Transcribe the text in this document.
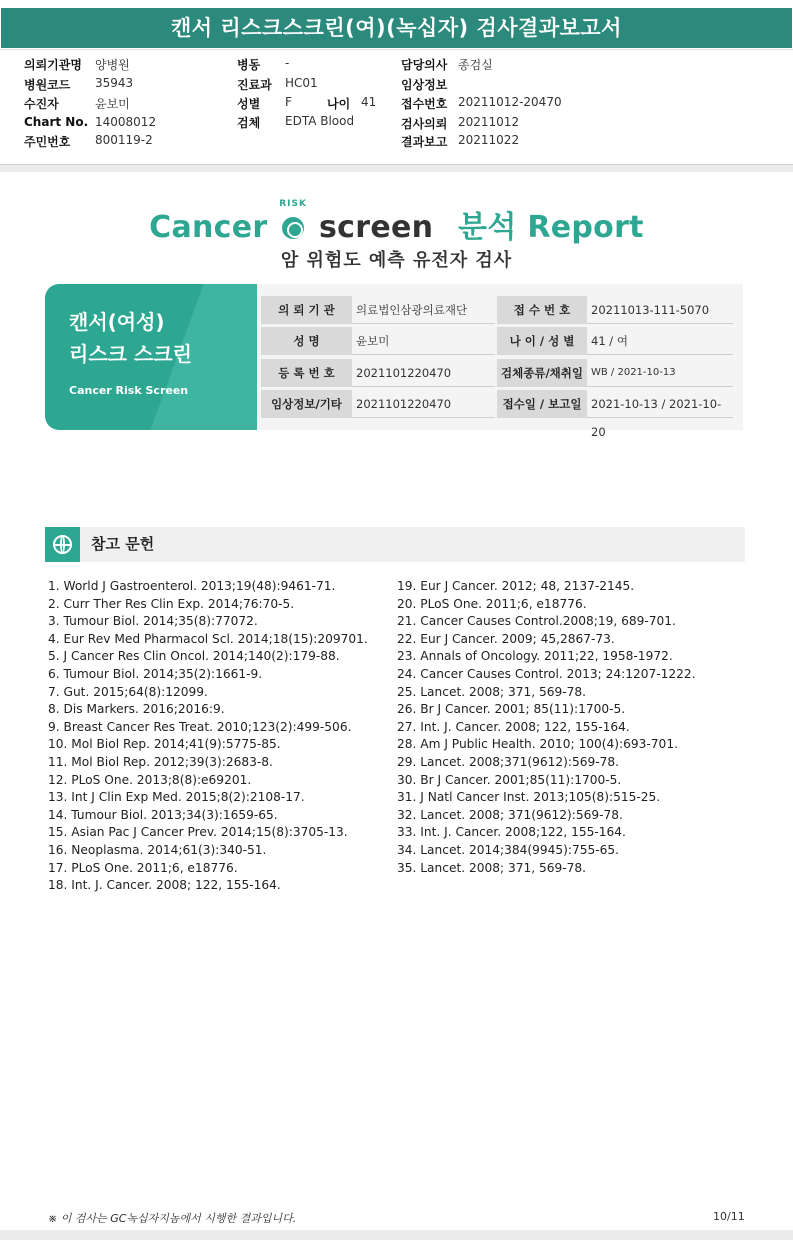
캔서 리스크스크린(여)(녹십자) 검사결과보고서
의뢰기관명 양병원
병원코드 35943
수진자	윤보미
Chart No. 14008012
주민번호 800119-2
병동 -
진료과 HC01
성별 F	나이 41
검체 EDTA Blood
담당의사 종검실
임상정보
접수번호 20211012-20470
검사의뢰 20211012
결과보고 20211022
Cancer
RISK
screen 분석 Report
암 위험도 예측 유전자 검사
캔서(여성)
리스크 스크린
Cancer Risk Screen
의 뢰 기 관	의료법인삼광의료재단	접 수 번 호	20211013-111-5070
성 명	윤보미	나 이 / 성 별	41 / 여
등 록 번 호	2021101220470	검체종류/채취일 WB / 2021-10-13
임상정보/기타	2021101220470	접수일 / 보고일 2021-10-13 / 2021-10-20
참고 문헌
1. World J Gastroenterol. 2013;19(48):9461-71.
2. Curr Ther Res Clin Exp. 2014;76:70-5.
3. Tumour Biol. 2014;35(8):77072.
4. Eur Rev Med Pharmacol Scl. 2014;18(15):209701.
5. J Cancer Res Clin Oncol. 2014;140(2):179-88.
6. Tumour Biol. 2014;35(2):1661-9.
7. Gut. 2015;64(8):12099.
8. Dis Markers. 2016;2016:9.
9. Breast Cancer Res Treat. 2010;123(2):499-506.
10. Mol Biol Rep. 2014;41(9):5775-85.
11. Mol Biol Rep. 2012;39(3):2683-8.
12. PLoS One. 2013;8(8):e69201.
13. Int J Clin Exp Med. 2015;8(2):2108-17.
14. Tumour Biol. 2013;34(3):1659-65.
15. Asian Pac J Cancer Prev. 2014;15(8):3705-13.
16. Neoplasma. 2014;61(3):340-51.
17. PLoS One. 2011;6, e18776.
18. Int. J. Cancer. 2008; 122, 155-164.
19. Eur J Cancer. 2012; 48, 2137-2145.
20. PLoS One. 2011;6, e18776.
21. Cancer Causes Control.2008;19, 689-701.
22. Eur J Cancer. 2009; 45,2867-73.
23. Annals of Oncology. 2011;22, 1958-1972.
24. Cancer Causes Control. 2013; 24:1207-1222.
25. Lancet. 2008; 371, 569-78.
26. Br J Cancer. 2001; 85(11):1700-5.
27. Int. J. Cancer. 2008; 122, 155-164.
28. Am J Public Health. 2010; 100(4):693-701.
29. Lancet. 2008;371(9612):569-78.
30. Br J Cancer. 2001;85(11):1700-5.
31. J Natl Cancer Inst. 2013;105(8):515-25.
32. Lancet. 2008; 371(9612):569-78.
33. Int. J. Cancer. 2008;122, 155-164.
34. Lancet. 2014;384(9945):755-65.
35. Lancet. 2008; 371, 569-78.
※ 이 검사는 GC녹십자지놈에서 시행한 결과입니다.	10/11
